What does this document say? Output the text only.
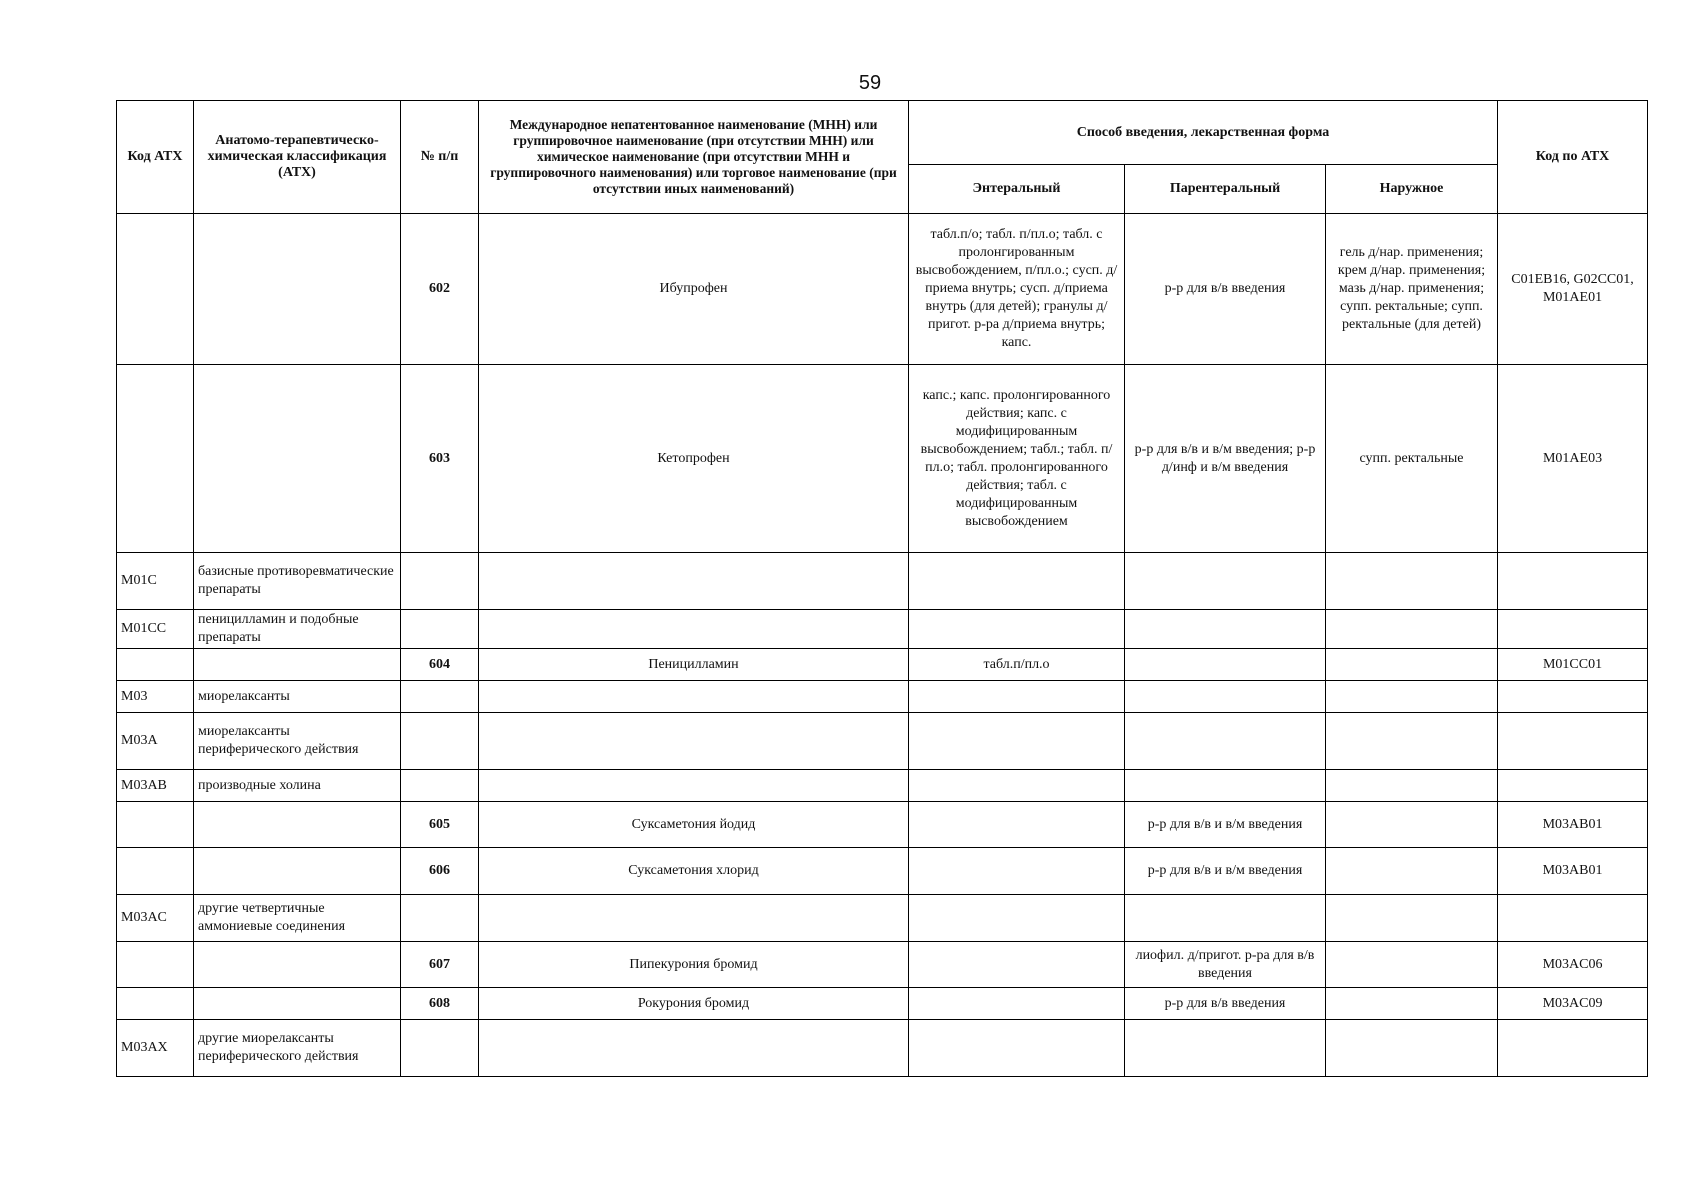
59
Код АТХ	Анатомо-терапевтическо-химическая классификация (АТХ)	№ п/п	Международное непатентованное наименование (МНН) или группировочное наименование (при отсутствии МНН) или химическое наименование (при отсутствии МНН и группировочного наименования) или торговое наименование (при отсутствии иных наименований)	Способ введения, лекарственная форма			Код по АТХ
				Энтеральный	Парентеральный	Наружное	
		602	Ибупрофен	табл.п/о; табл. п/пл.о; табл. с пролонгированным высвобождением, п/пл.о.; сусп. д/приема внутрь; сусп. д/приема внутрь (для детей); гранулы д/пригот. р-ра д/приема внутрь; капс.	р-р для в/в введения	гель д/нар. применения; крем д/нар. применения; мазь д/нар. применения; супп. ректальные; супп. ректальные (для детей)	C01EB16, G02CC01, M01AE01
		603	Кетопрофен	капс.; капс. пролонгированного действия; капс. с модифицированным высвобождением; табл.; табл. п/пл.о; табл. пролонгированного действия; табл. с модифицированным высвобождением	р-р для в/в и в/м введения; р-р д/инф и в/м введения	супп. ректальные	M01AE03
M01C	базисные противоревматические препараты						
M01CC	пеницилламин и подобные препараты						
		604	Пеницилламин	табл.п/пл.о			M01CC01
M03	миорелаксанты						
M03A	миорелаксанты периферического действия						
M03AB	производные холина						
		605	Суксаметония йодид		р-р для в/в и в/м введения		M03AB01
		606	Суксаметония хлорид		р-р для в/в и в/м введения		M03AB01
M03AC	другие четвертичные аммониевые соединения						
		607	Пипекурония бромид		лиофил. д/пригот. р-ра для в/в введения		M03AC06
		608	Рокурония бромид		р-р для в/в введения		M03AC09
M03AX	другие миорелаксанты периферического действия						
